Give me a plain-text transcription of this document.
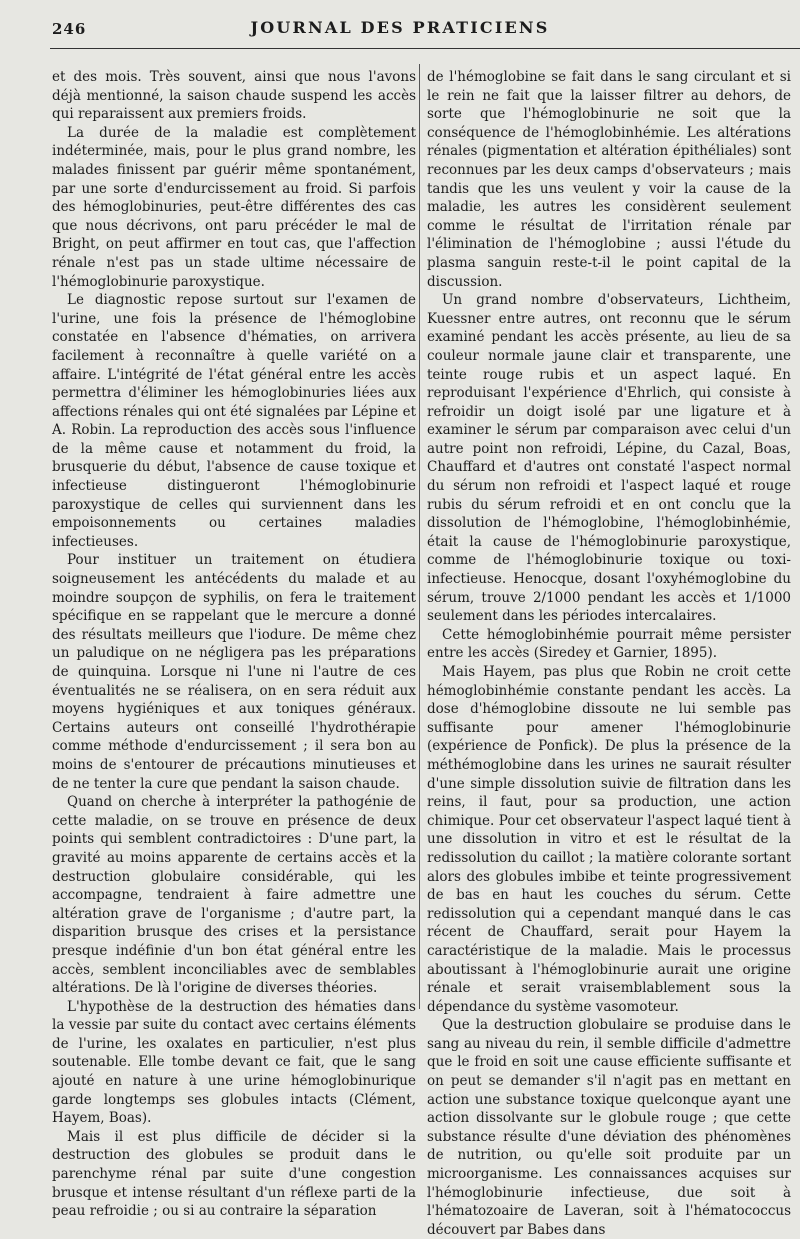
246	JOURNAL DES PRATICIENS

et des mois. Très souvent, ainsi que nous l'avons déjà mentionné, la saison chaude suspend les accès qui reparaissent aux premiers froids.

La durée de la maladie est complètement indéterminée, mais, pour le plus grand nombre, les malades finissent par guérir même spontanément, par une sorte d'endurcissement au froid. Si parfois des hémoglobinuries, peut-être différentes des cas que nous décrivons, ont paru précéder le mal de Bright, on peut affirmer en tout cas, que l'affection rénale n'est pas un stade ultime nécessaire de l'hémoglobinurie paroxystique.

Le diagnostic repose surtout sur l'examen de l'urine, une fois la présence de l'hémoglobine constatée en l'absence d'hématies, on arrivera facilement à reconnaître à quelle variété on a affaire. L'intégrité de l'état général entre les accès permettra d'éliminer les hémoglobinuries liées aux affections rénales qui ont été signalées par Lépine et A. Robin. La reproduction des accès sous l'influence de la même cause et notamment du froid, la brusquerie du début, l'absence de cause toxique et infectieuse distingueront l'hémoglobinurie paroxystique de celles qui surviennent dans les empoisonnements ou certaines maladies infectieuses.

Pour instituer un traitement on étudiera soigneusement les antécédents du malade et au moindre soupçon de syphilis, on fera le traitement spécifique en se rappelant que le mercure a donné des résultats meilleurs que l'iodure. De même chez un paludique on ne négligera pas les préparations de quinquina. Lorsque ni l'une ni l'autre de ces éventualités ne se réalisera, on en sera réduit aux moyens hygiéniques et aux toniques généraux. Certains auteurs ont conseillé l'hydrothérapie comme méthode d'endurcissement ; il sera bon au moins de s'entourer de précautions minutieuses et de ne tenter la cure que pendant la saison chaude.

Quand on cherche à interpréter la pathogénie de cette maladie, on se trouve en présence de deux points qui semblent contradictoires : D'une part, la gravité au moins apparente de certains accès et la destruction globulaire considérable, qui les accompagne, tendraient à faire admettre une altération grave de l'organisme ; d'autre part, la disparition brusque des crises et la persistance presque indéfinie d'un bon état général entre les accès, semblent inconciliables avec de semblables altérations. De là l'origine de diverses théories.

L'hypothèse de la destruction des hématies dans la vessie par suite du contact avec certains éléments de l'urine, les oxalates en particulier, n'est plus soutenable. Elle tombe devant ce fait, que le sang ajouté en nature à une urine hémoglobinurique garde longtemps ses globules intacts (Clément, Hayem, Boas).

Mais il est plus difficile de décider si la destruction des globules se produit dans le parenchyme rénal par suite d'une congestion brusque et intense résultant d'un réflexe parti de la peau refroidie ; ou si au contraire la séparation

de l'hémoglobine se fait dans le sang circulant et si le rein ne fait que la laisser filtrer au dehors, de sorte que l'hémoglobinurie ne soit que la conséquence de l'hémoglobinhémie. Les altérations rénales (pigmentation et altération épithéliales) sont reconnues par les deux camps d'observateurs ; mais tandis que les uns veulent y voir la cause de la maladie, les autres les considèrent seulement comme le résultat de l'irritation rénale par l'élimination de l'hémoglobine ; aussi l'étude du plasma sanguin reste-t-il le point capital de la discussion.

Un grand nombre d'observateurs, Lichtheim, Kuessner entre autres, ont reconnu que le sérum examiné pendant les accès présente, au lieu de sa couleur normale jaune clair et transparente, une teinte rouge rubis et un aspect laqué. En reproduisant l'expérience d'Ehrlich, qui consiste à refroidir un doigt isolé par une ligature et à examiner le sérum par comparaison avec celui d'un autre point non refroidi, Lépine, du Cazal, Boas, Chauffard et d'autres ont constaté l'aspect normal du sérum non refroidi et l'aspect laqué et rouge rubis du sérum refroidi et en ont conclu que la dissolution de l'hémoglobine, l'hémoglobinhémie, était la cause de l'hémoglobinurie paroxystique, comme de l'hémoglobinurie toxique ou toxi-infectieuse. Henocque, dosant l'oxyhémoglobine du sérum, trouve 2/1000 pendant les accès et 1/1000 seulement dans les périodes intercalaires.

Cette hémoglobinhémie pourrait même persister entre les accès (Siredey et Garnier, 1895).

Mais Hayem, pas plus que Robin ne croit cette hémoglobinhémie constante pendant les accès. La dose d'hémoglobine dissoute ne lui semble pas suffisante pour amener l'hémoglobinurie (expérience de Ponfick). De plus la présence de la méthémoglobine dans les urines ne saurait résulter d'une simple dissolution suivie de filtration dans les reins, il faut, pour sa production, une action chimique. Pour cet observateur l'aspect laqué tient à une dissolution in vitro et est le résultat de la redissolution du caillot ; la matière colorante sortant alors des globules imbibe et teinte progressivement de bas en haut les couches du sérum. Cette redissolution qui a cependant manqué dans le cas récent de Chauffard, serait pour Hayem la caractéristique de la maladie. Mais le processus aboutissant à l'hémoglobinurie aurait une origine rénale et serait vraisemblablement sous la dépendance du système vasomoteur.

Que la destruction globulaire se produise dans le sang au niveau du rein, il semble difficile d'admettre que le froid en soit une cause efficiente suffisante et on peut se demander s'il n'agit pas en mettant en action une substance toxique quelconque ayant une action dissolvante sur le globule rouge ; que cette substance résulte d'une déviation des phénomènes de nutrition, ou qu'elle soit produite par un microorganisme. Les connaissances acquises sur l'hémoglobinurie infectieuse, due soit à l'hématozoaire de Laveran, soit à l'hématococcus découvert par Babes dans
